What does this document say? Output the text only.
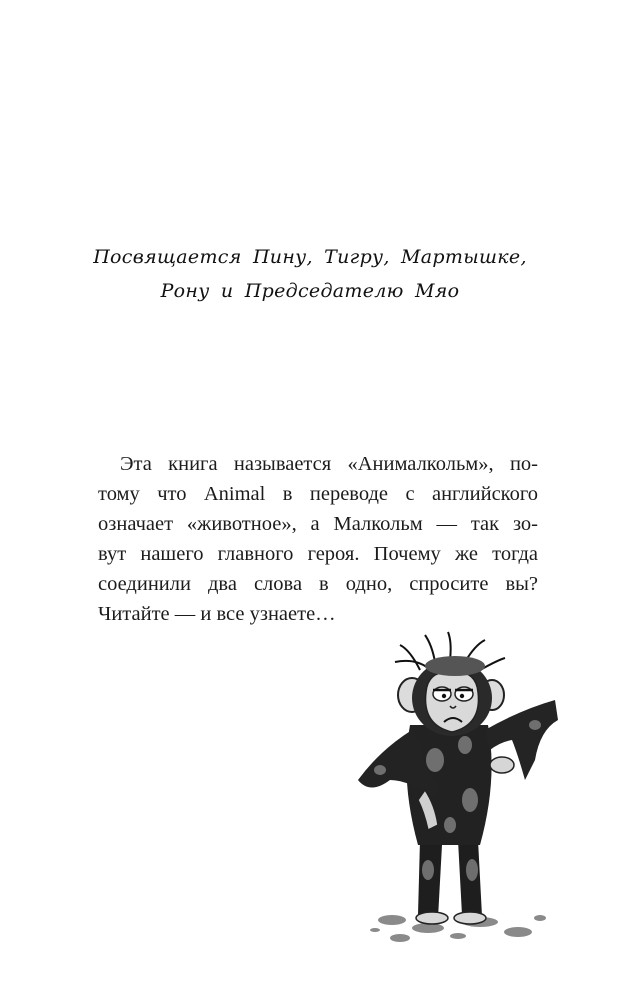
Посвящается Пину, Тигру, Мартышке,
Рону и Председателю Мяо
Эта книга называется «Анималкольм», по-
тому что Animal в переводе с английского
означает «животное», а Малкольм — так зо-
вут нашего главного героя. Почему же тогда
соединили два слова в одно, спросите вы?
Читайте — и все узнаете…
